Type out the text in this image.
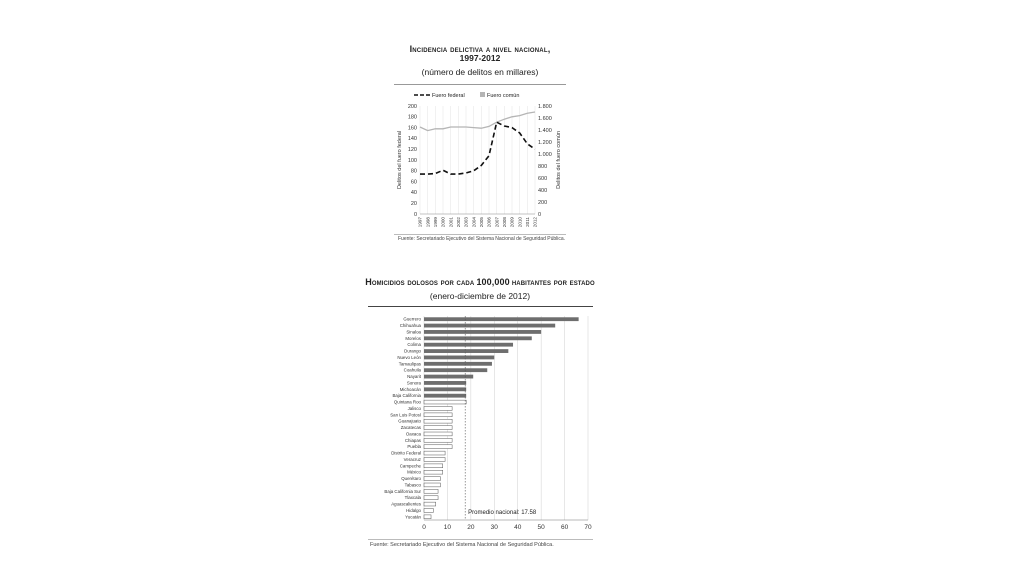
Incidencia delictiva a nivel nacional,
1997-2012
(número de delitos en millares)
Fuero federal	Fuero común
0
20
40
60
80
100
120
140
160
180
200
0
200
400
600
800
1.000
1.200
1.400
1.600
1.800
Delitos del fuero federal	Delitos del fuero común
1997 1998 1999 2000 2001 2002 2003 2004 2005 2006 2007 2008 2009 2010 2011 2012
Fuente: Secretariado Ejecutivo del Sistema Nacional de Seguridad Pública.
Homicidios dolosos por cada 100,000 habitantes por estado
(enero-diciembre de 2012)
Guerrero
Chihuahua
Sinaloa
Morelos
Colima
Durango
Nuevo León
Tamaulipas
Coahuila
Nayarit
Sonora
Michoacán
Baja California
Quintana Roo
Jalisco
San Luis Potosí
Guanajuato
Zacatecas
Oaxaca
Chiapas
Puebla
Distrito Federal
Veracruz
Campeche
México
Querétaro
Tabasco
Baja California Sur
Tlaxcala
Aguascalientes
Hidalgo
Yucatán
Promedio nacional: 17.58
0	10 20 30 40 50 60 70
Fuente: Secretariado Ejecutivo del Sistema Nacional de Seguridad Pública.
